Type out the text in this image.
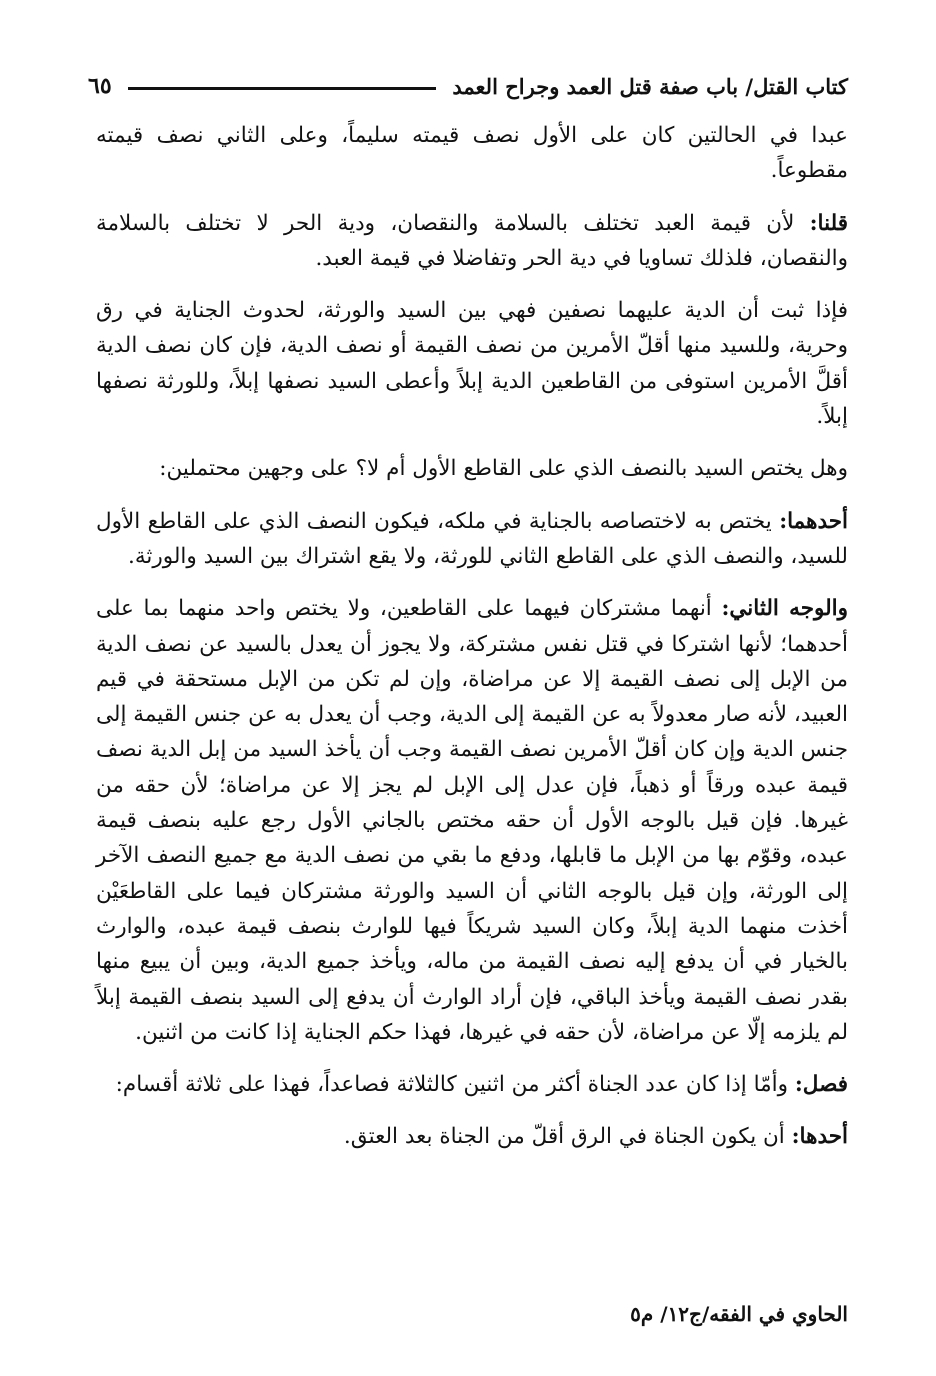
كتاب القتل/ باب صفة قتل العمد وجراح العمد
٦٥

عبدا في الحالتين كان على الأول نصف قيمته سليماً، وعلى الثاني نصف قيمته مقطوعاً.

قلنا: لأن قيمة العبد تختلف بالسلامة والنقصان، ودية الحر لا تختلف بالسلامة والنقصان، فلذلك تساويا في دية الحر وتفاضلا في قيمة العبد.

فإذا ثبت أن الدية عليهما نصفين فهي بين السيد والورثة، لحدوث الجناية في رق وحرية، وللسيد منها أقلّ الأمرين من نصف القيمة أو نصف الدية، فإن كان نصف الدية أقلَّ الأمرين استوفى من القاطعين الدية إبلاً وأعطى السيد نصفها إبلاً، وللورثة نصفها إبلاً.

وهل يختص السيد بالنصف الذي على القاطع الأول أم لا؟ على وجهين محتملين:

أحدهما: يختص به لاختصاصه بالجناية في ملكه، فيكون النصف الذي على القاطع الأول للسيد، والنصف الذي على القاطع الثاني للورثة، ولا يقع اشتراك بين السيد والورثة.

والوجه الثاني: أنهما مشتركان فيهما على القاطعين، ولا يختص واحد منهما بما على أحدهما؛ لأنها اشتركا في قتل نفس مشتركة، ولا يجوز أن يعدل بالسيد عن نصف الدية من الإبل إلى نصف القيمة إلا عن مراضاة، وإن لم تكن من الإبل مستحقة في قيم العبيد، لأنه صار معدولاً به عن القيمة إلى الدية، وجب أن يعدل به عن جنس القيمة إلى جنس الدية وإن كان أقلّ الأمرين نصف القيمة وجب أن يأخذ السيد من إبل الدية نصف قيمة عبده ورقاً أو ذهباً، فإن عدل إلى الإبل لم يجز إلا عن مراضاة؛ لأن حقه من غيرها. فإن قيل بالوجه الأول أن حقه مختص بالجاني الأول رجع عليه بنصف قيمة عبده، وقوّم بها من الإبل ما قابلها، ودفع ما بقي من نصف الدية مع جميع النصف الآخر إلى الورثة، وإن قيل بالوجه الثاني أن السيد والورثة مشتركان فيما على القاطعَيْن أخذت منهما الدية إبلاً، وكان السيد شريكاً فيها للوارث بنصف قيمة عبده، والوارث بالخيار في أن يدفع إليه نصف القيمة من ماله، ويأخذ جميع الدية، وبين أن يبيع منها بقدر نصف القيمة ويأخذ الباقي، فإن أراد الوارث أن يدفع إلى السيد بنصف القيمة إبلاً لم يلزمه إلّا عن مراضاة، لأن حقه في غيرها، فهذا حكم الجناية إذا كانت من اثنين.

فصل: وأمّا إذا كان عدد الجناة أكثر من اثنين كالثلاثة فصاعداً، فهذا على ثلاثة أقسام:

أحدها: أن يكون الجناة في الرق أقلّ من الجناة بعد العتق.

الحاوي في الفقه/ج١٢/ م٥
